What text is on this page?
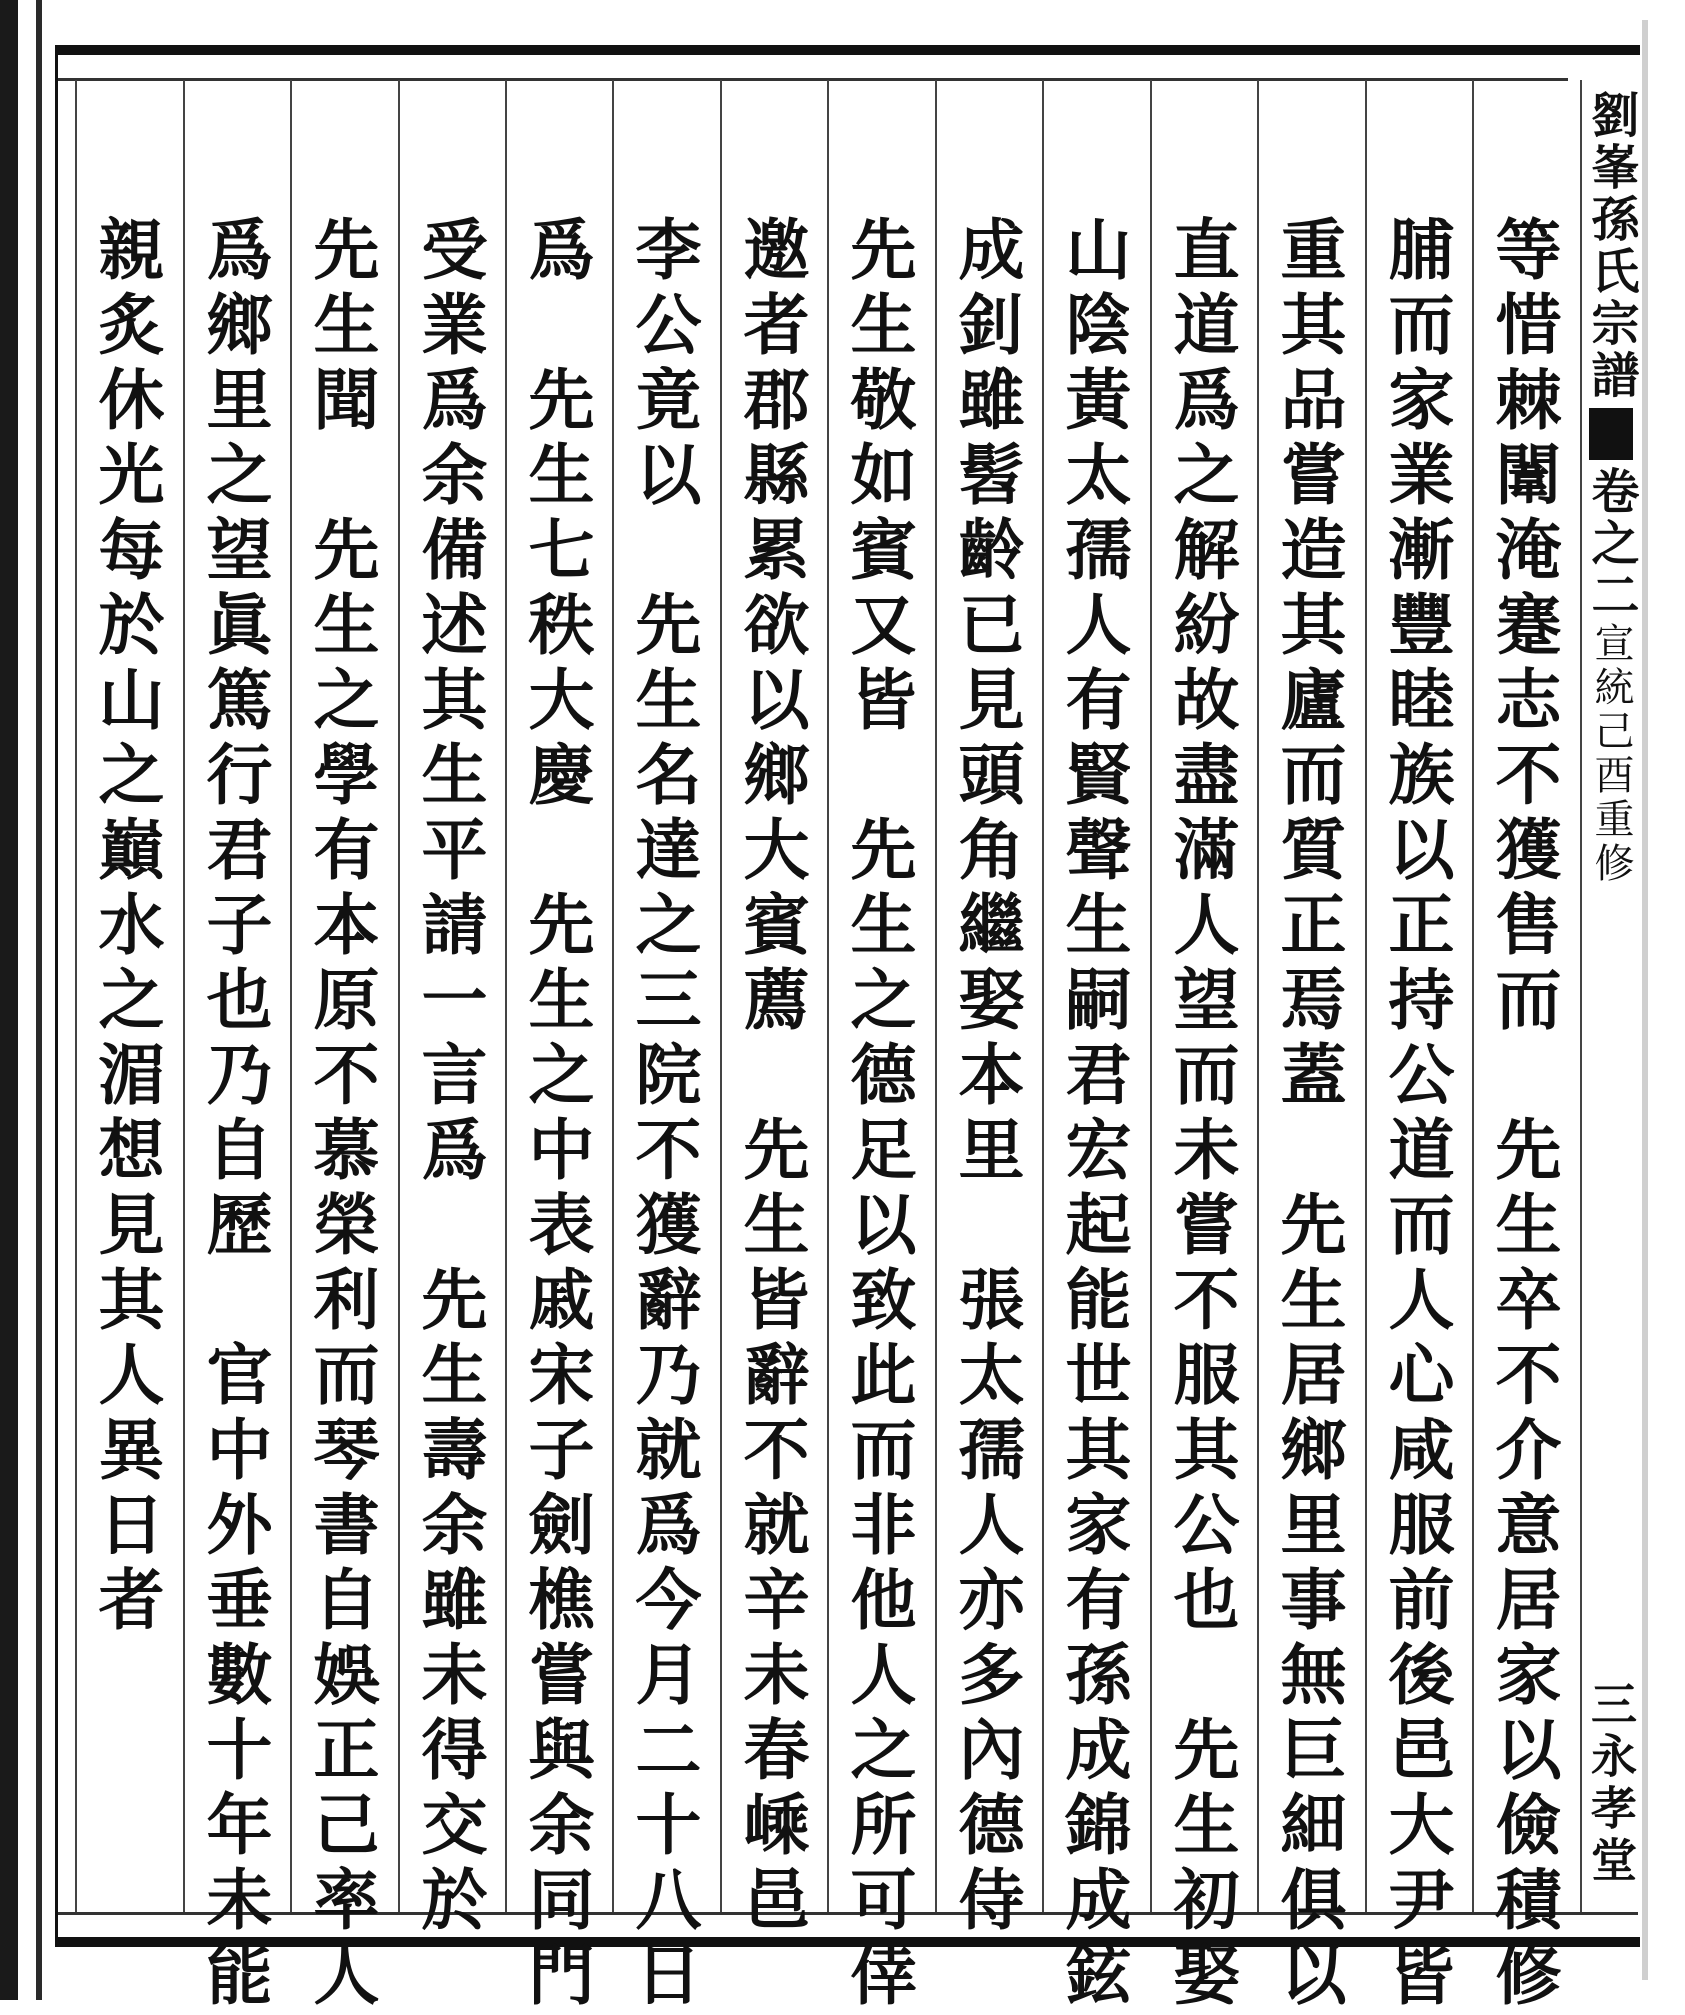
劉峯孫氏宗譜卷之二宣統己酉重修
三永孝堂
等惜棘闈淹蹇志不獲售而　先生卒不介意居家以儉積修
脯而家業漸豐睦族以正持公道而人心咸服前後邑大尹皆
重其品嘗造其廬而質正焉蓋　先生居鄉里事無巨細俱以
直道爲之解紛故盡滿人望而未嘗不服其公也　先生初娶
山陰黃太孺人有賢聲生嗣君宏起能世其家有孫成錦成鉉
成釗雖髫齡已見頭角繼娶本里　張太孺人亦多內德侍
先生敬如賓又皆　先生之德足以致此而非他人之所可倖
邀者郡縣累欲以鄉大賓薦　先生皆辭不就辛未春嵊邑
李公竟以　先生名達之三院不獲辭乃就爲今月二十八日
爲　先生七秩大慶　先生之中表戚宋子劍樵嘗與余同門
受業爲余備述其生平請一言爲　先生壽余雖未得交於
先生聞　先生之學有本原不慕榮利而琴書自娛正己率人
爲鄉里之望眞篤行君子也乃自歷　官中外垂數十年未能
親炙休光每於山之巔水之湄想見其人異日者
